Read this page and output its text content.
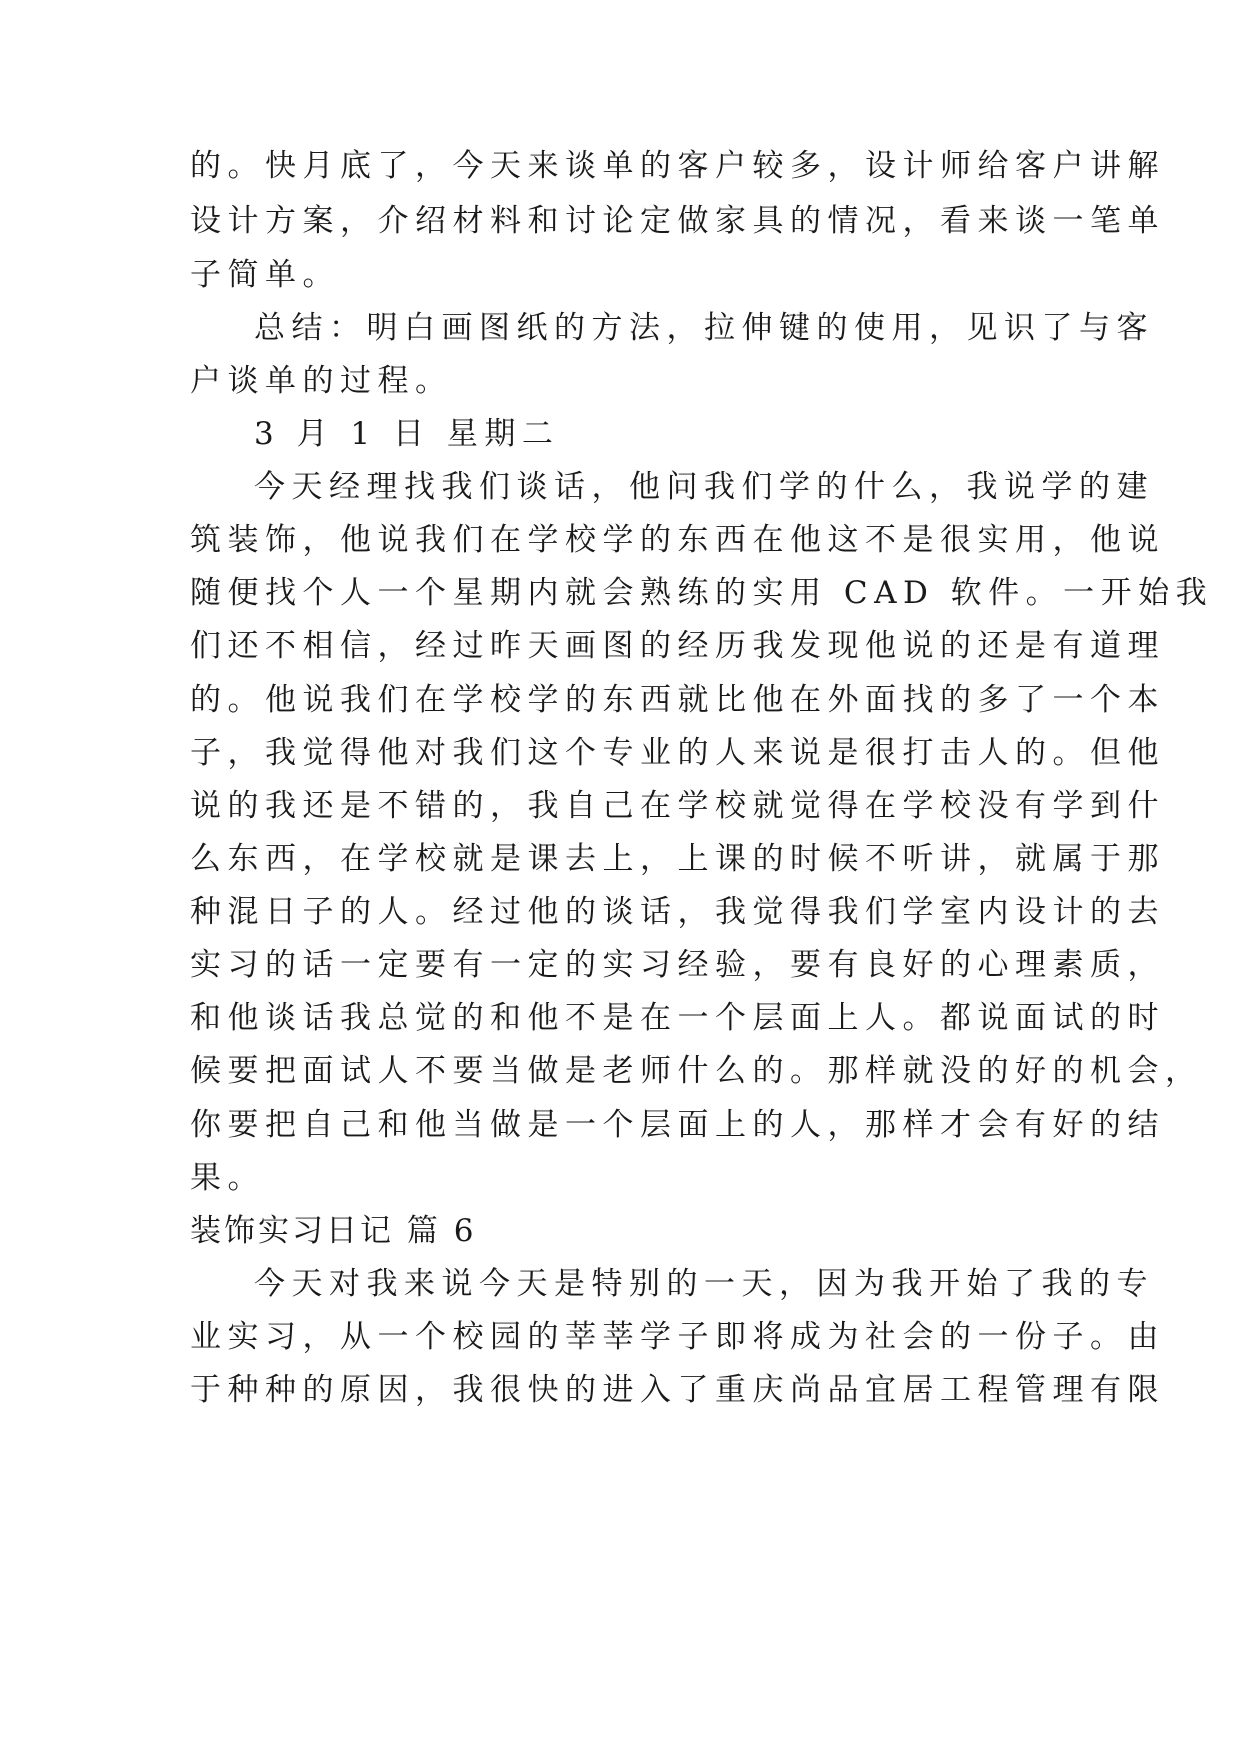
的。快月底了，今天来谈单的客户较多，设计师给客户讲解

设计方案，介绍材料和讨论定做家具的情况，看来谈一笔单

子简单。

总结：明白画图纸的方法，拉伸键的使用，见识了与客

户谈单的过程。

3 月 1 日 星期二

今天经理找我们谈话，他问我们学的什么，我说学的建

筑装饰，他说我们在学校学的东西在他这不是很实用，他说

随便找个人一个星期内就会熟练的实用 CAD 软件。一开始我

们还不相信，经过昨天画图的经历我发现他说的还是有道理

的。他说我们在学校学的东西就比他在外面找的多了一个本

子，我觉得他对我们这个专业的人来说是很打击人的。但他

说的我还是不错的，我自己在学校就觉得在学校没有学到什

么东西，在学校就是课去上，上课的时候不听讲，就属于那

种混日子的人。经过他的谈话，我觉得我们学室内设计的去

实习的话一定要有一定的实习经验，要有良好的心理素质，

和他谈话我总觉的和他不是在一个层面上人。都说面试的时

候要把面试人不要当做是老师什么的。那样就没的好的机会，

你要把自己和他当做是一个层面上的人，那样才会有好的结

果。

装饰实习日记 篇 6

今天对我来说今天是特别的一天，因为我开始了我的专

业实习，从一个校园的莘莘学子即将成为社会的一份子。由

于种种的原因，我很快的进入了重庆尚品宜居工程管理有限
